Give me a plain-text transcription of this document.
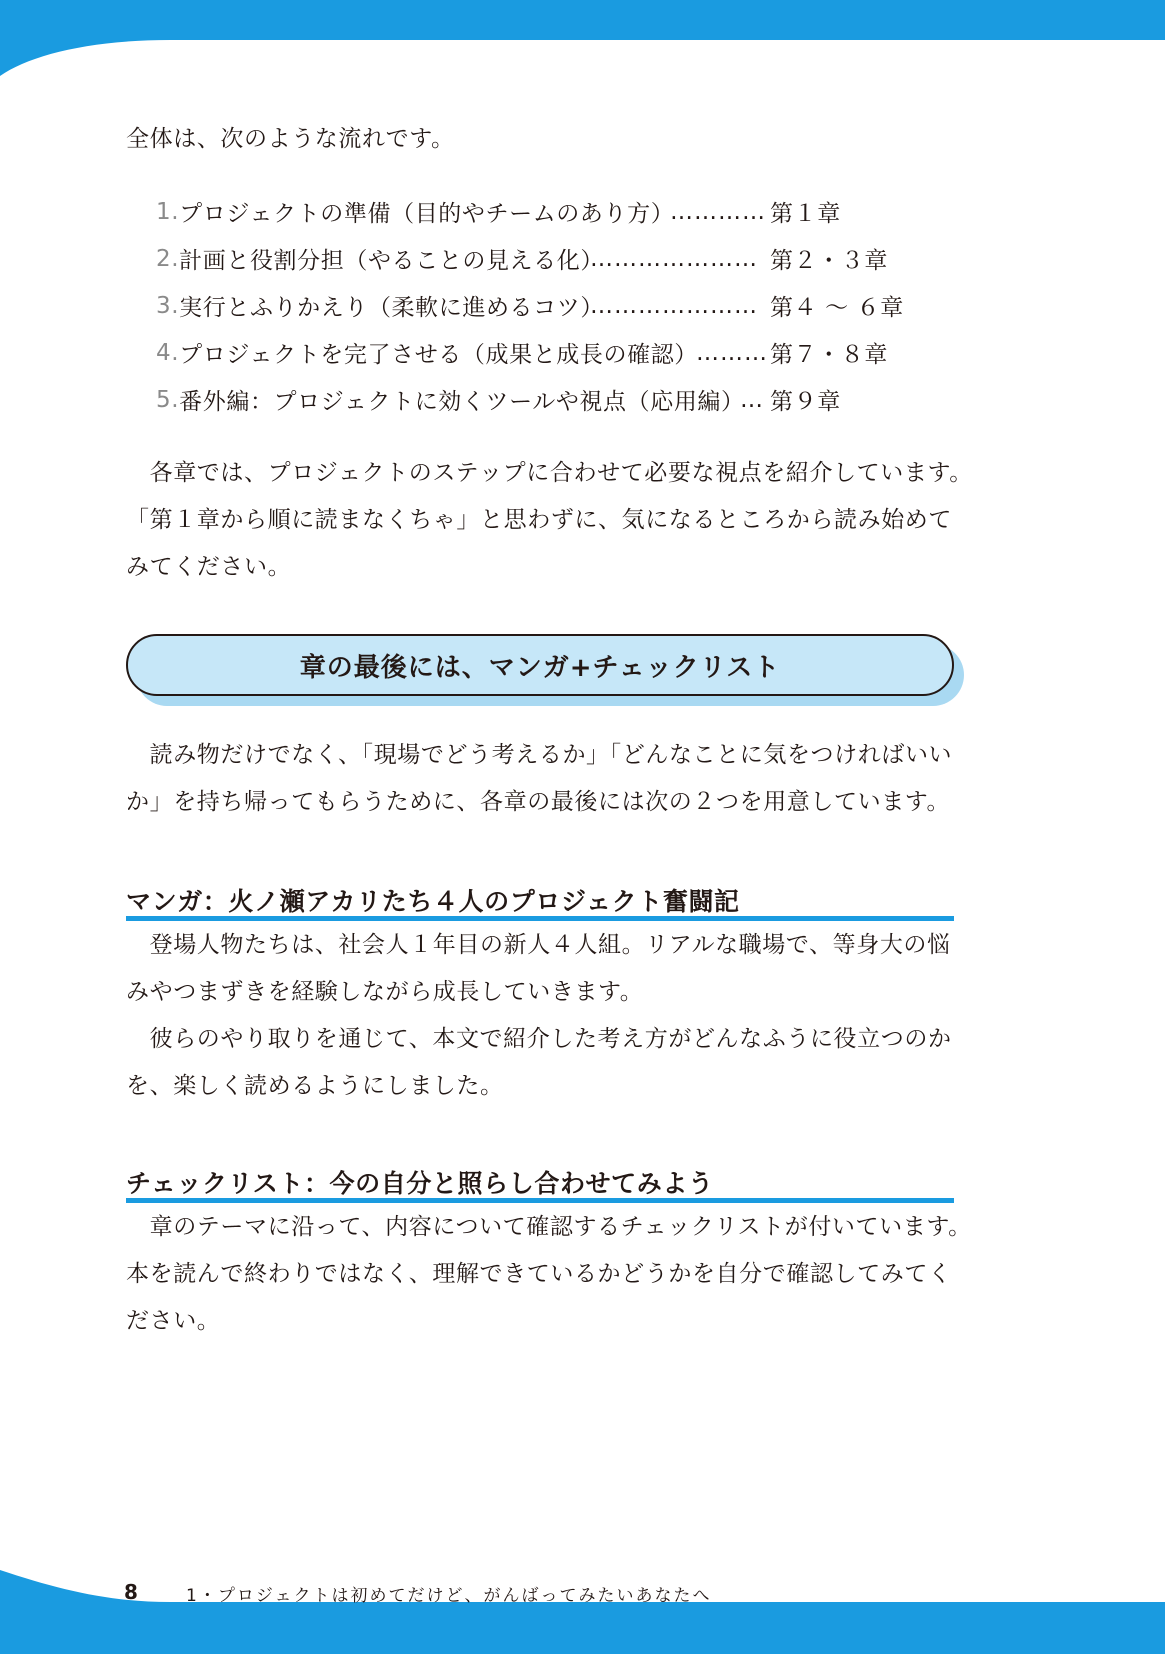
全体は、次のような流れです。
1. プロジェクトの準備（目的やチームのあり方）
………… 第１章
2. 計画と役割分担（やることの見える化）
………………… 第２・３章
3. 実行とふりかえり（柔軟に進めるコツ）
………………… 第４ ～ ６章
4. プロジェクトを完了させる（成果と成長の確認）
……… 第７・８章
5. 番外編：プロジェクトに効くツールや視点（応用編）
… 第９章
　各章では、プロジェクトのステップに合わせて必要な視点を紹介しています。
「第１章から順に読まなくちゃ」と思わずに、気になるところから読み始めて
みてください。
章の最後には、マンガ+チェックリスト
　読み物だけでなく、「現場でどう考えるか」「どんなことに気をつければいい
か」を持ち帰ってもらうために、各章の最後には次の２つを用意しています。
マンガ：火ノ瀬アカリたち４人のプロジェクト奮闘記
　登場人物たちは、社会人１年目の新人４人組。リアルな職場で、等身大の悩
みやつまずきを経験しながら成長していきます。
　彼らのやり取りを通じて、本文で紹介した考え方がどんなふうに役立つのか
を、楽しく読めるようにしました。
チェックリスト：今の自分と照らし合わせてみよう
　章のテーマに沿って、内容について確認するチェックリストが付いています。
本を読んで終わりではなく、理解できているかどうかを自分で確認してみてく
ださい。
8	1・プロジェクトは初めてだけど、がんばってみたいあなたへ
